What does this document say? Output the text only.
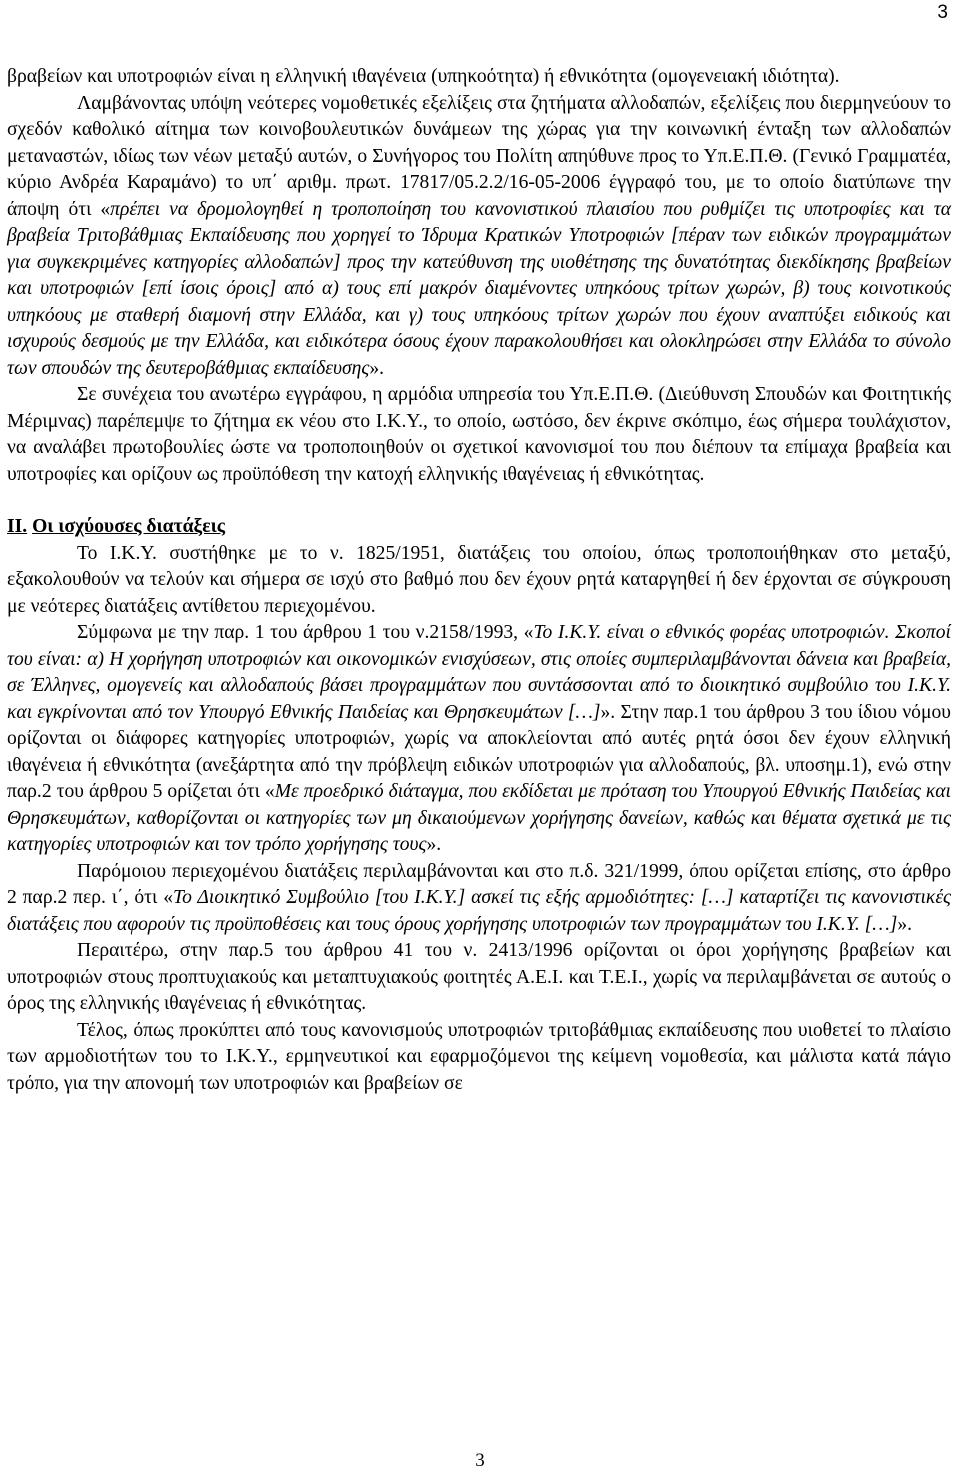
3

βραβείων και υποτροφιών είναι η ελληνική ιθαγένεια (υπηκοότητα) ή εθνικότητα (ομογενειακή ιδιότητα).

Λαμβάνοντας υπόψη νεότερες νομοθετικές εξελίξεις στα ζητήματα αλλοδαπών, εξελίξεις που διερμηνεύουν το σχεδόν καθολικό αίτημα των κοινοβουλευτικών δυνάμεων της χώρας για την κοινωνική ένταξη των αλλοδαπών μεταναστών, ιδίως των νέων μεταξύ αυτών, ο Συνήγορος του Πολίτη απηύθυνε προς το Υπ.Ε.Π.Θ. (Γενικό Γραμματέα, κύριο Ανδρέα Καραμάνο) το υπ΄ αριθμ. πρωτ. 17817/05.2.2/16-05-2006 έγγραφό του, με το οποίο διατύπωνε την άποψη ότι «πρέπει να δρομολογηθεί η τροποποίηση του κανονιστικού πλαισίου που ρυθμίζει τις υποτροφίες και τα βραβεία Τριτοβάθμιας Εκπαίδευσης που χορηγεί το Ίδρυμα Κρατικών Υποτροφιών [πέραν των ειδικών προγραμμάτων για συγκεκριμένες κατηγορίες αλλοδαπών] προς την κατεύθυνση της υιοθέτησης της δυνατότητας διεκδίκησης βραβείων και υποτροφιών [επί ίσοις όροις] από α) τους επί μακρόν διαμένοντες υπηκόους τρίτων χωρών, β) τους κοινοτικούς υπηκόους με σταθερή διαμονή στην Ελλάδα, και γ) τους υπηκόους τρίτων χωρών που έχουν αναπτύξει ειδικούς και ισχυρούς δεσμούς με την Ελλάδα, και ειδικότερα όσους έχουν παρακολουθήσει και ολοκληρώσει στην Ελλάδα το σύνολο των σπουδών της δευτεροβάθμιας εκπαίδευσης».

Σε συνέχεια του ανωτέρω εγγράφου, η αρμόδια υπηρεσία του Υπ.Ε.Π.Θ. (Διεύθυνση Σπουδών και Φοιτητικής Μέριμνας) παρέπεμψε το ζήτημα εκ νέου στο Ι.Κ.Υ., το οποίο, ωστόσο, δεν έκρινε σκόπιμο, έως σήμερα τουλάχιστον, να αναλάβει πρωτοβουλίες ώστε να τροποποιηθούν οι σχετικοί κανονισμοί του που διέπουν τα επίμαχα βραβεία και υποτροφίες και ορίζουν ως προϋπόθεση την κατοχή ελληνικής ιθαγένειας ή εθνικότητας.

ΙΙ. Οι ισχύουσες διατάξεις

Το Ι.Κ.Υ. συστήθηκε με το ν. 1825/1951, διατάξεις του οποίου, όπως τροποποιήθηκαν στο μεταξύ, εξακολουθούν να τελούν και σήμερα σε ισχύ στο βαθμό που δεν έχουν ρητά καταργηθεί ή δεν έρχονται σε σύγκρουση με νεότερες διατάξεις αντίθετου περιεχομένου.

Σύμφωνα με την παρ. 1 του άρθρου 1 του ν.2158/1993, «Το Ι.Κ.Υ. είναι ο εθνικός φορέας υποτροφιών. Σκοποί του είναι: α) Η χορήγηση υποτροφιών και οικονομικών ενισχύσεων, στις οποίες συμπεριλαμβάνονται δάνεια και βραβεία, σε Έλληνες, ομογενείς και αλλοδαπούς βάσει προγραμμάτων που συντάσσονται από το διοικητικό συμβούλιο του Ι.Κ.Υ. και εγκρίνονται από τον Υπουργό Εθνικής Παιδείας και Θρησκευμάτων […]». Στην παρ.1 του άρθρου 3 του ίδιου νόμου ορίζονται οι διάφορες κατηγορίες υποτροφιών, χωρίς να αποκλείονται από αυτές ρητά όσοι δεν έχουν ελληνική ιθαγένεια ή εθνικότητα (ανεξάρτητα από την πρόβλεψη ειδικών υποτροφιών για αλλοδαπούς, βλ. υποσημ.1), ενώ στην παρ.2 του άρθρου 5 ορίζεται ότι «Με προεδρικό διάταγμα, που εκδίδεται με πρόταση του Υπουργού Εθνικής Παιδείας και Θρησκευμάτων, καθορίζονται οι κατηγορίες των μη δικαιούμενων χορήγησης δανείων, καθώς και θέματα σχετικά με τις κατηγορίες υποτροφιών και τον τρόπο χορήγησης τους».

Παρόμοιου περιεχομένου διατάξεις περιλαμβάνονται και στο π.δ. 321/1999, όπου ορίζεται επίσης, στο άρθρο 2 παρ.2 περ. ι΄, ότι «Το Διοικητικό Συμβούλιο [του Ι.Κ.Υ.] ασκεί τις εξής αρμοδιότητες: […] καταρτίζει τις κανονιστικές διατάξεις που αφορούν τις προϋποθέσεις και τους όρους χορήγησης υποτροφιών των προγραμμάτων του Ι.Κ.Υ. […]».

Περαιτέρω, στην παρ.5 του άρθρου 41 του ν. 2413/1996 ορίζονται οι όροι χορήγησης βραβείων και υποτροφιών στους προπτυχιακούς και μεταπτυχιακούς φοιτητές Α.Ε.Ι. και Τ.Ε.Ι., χωρίς να περιλαμβάνεται σε αυτούς ο όρος της ελληνικής ιθαγένειας ή εθνικότητας.

Τέλος, όπως προκύπτει από τους κανονισμούς υποτροφιών τριτοβάθμιας εκπαίδευσης που υιοθετεί το πλαίσιο των αρμοδιοτήτων του το Ι.Κ.Υ., ερμηνευτικοί και εφαρμοζόμενοι της κείμενη νομοθεσία, και μάλιστα κατά πάγιο τρόπο, για την απονομή των υποτροφιών και βραβείων σε

3
